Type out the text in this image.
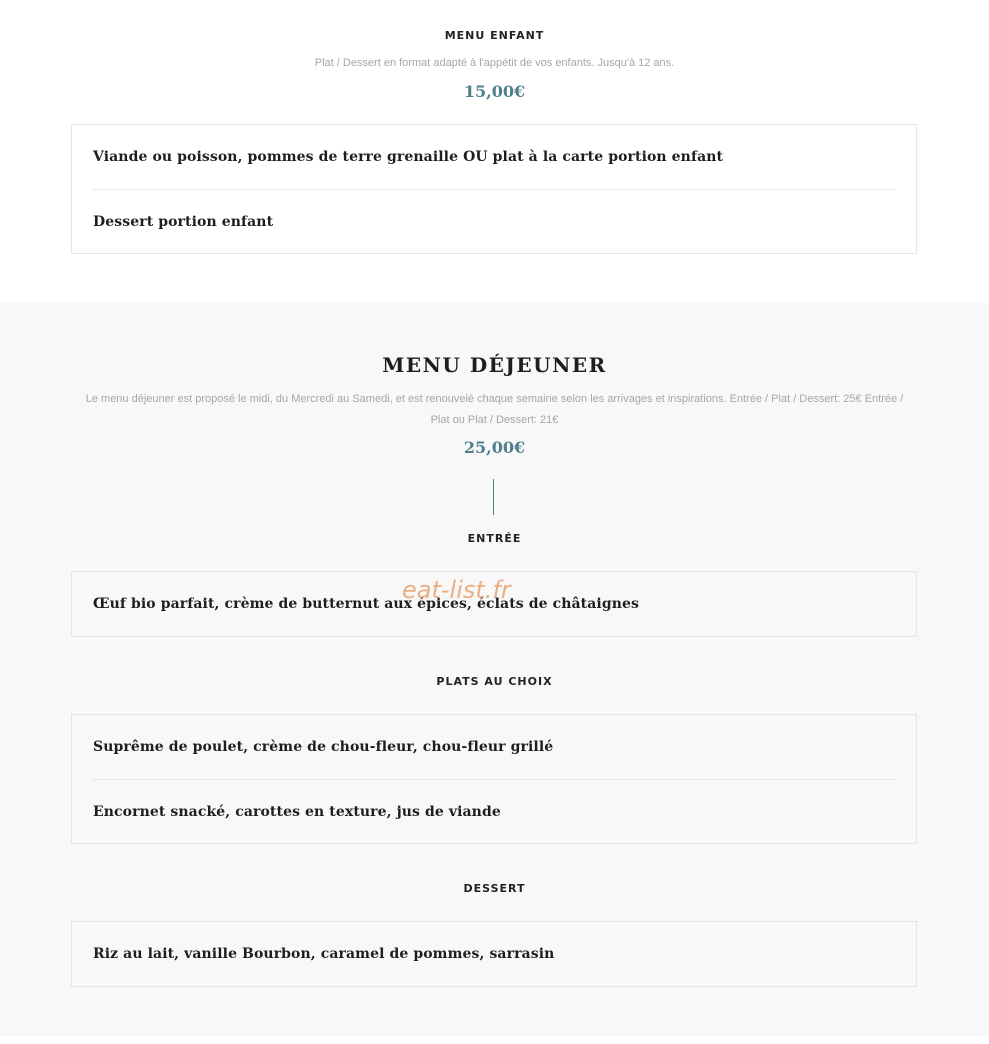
MENU ENFANT
Plat / Dessert en format adapté à l'appétit de vos enfants. Jusqu'à 12 ans.
15,00€
Viande ou poisson, pommes de terre grenaille OU plat à la carte portion enfant
Dessert portion enfant
MENU DÉJEUNER
Le menu déjeuner est proposé le midi, du Mercredi au Samedi, et est renouvelé chaque semaine selon les arrivages et inspirations. Entrée / Plat / Dessert: 25€ Entrée / Plat ou Plat / Dessert: 21€
25,00€
ENTRÉE
Œuf bio parfait, crème de butternut aux épices, éclats de châtaignes
PLATS AU CHOIX
Suprême de poulet, crème de chou-fleur, chou-fleur grillé
Encornet snacké, carottes en texture, jus de viande
DESSERT
Riz au lait, vanille Bourbon, caramel de pommes, sarrasin
eat-list.fr
